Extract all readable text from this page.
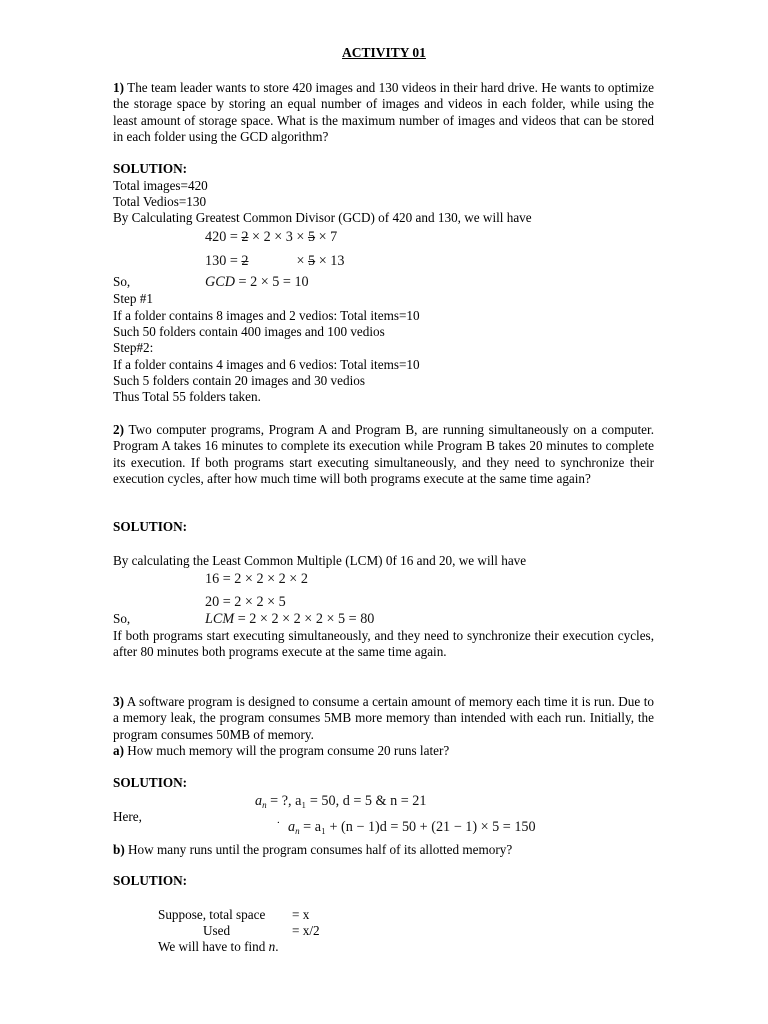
ACTIVITY 01
1) The team leader wants to store 420 images and 130 videos in their hard drive. He wants to optimize the storage space by storing an equal number of images and videos in each folder, while using the least amount of storage space. What is the maximum number of images and videos that can be stored in each folder using the GCD algorithm?
SOLUTION:
Total images=420
Total Vedios=130
By Calculating Greatest Common Divisor (GCD) of 420 and 130, we will have
420 = 2 × 2 × 3 × 5 × 7
130 = 2	× 5 × 13
So,	GCD = 2 × 5 = 10
Step #1
If a folder contains 8 images and 2 vedios: Total items=10
Such 50 folders contain 400 images and 100 vedios
Step#2:
If a folder contains 4 images and 6 vedios: Total items=10
Such 5 folders contain 20 images and 30 vedios
Thus Total 55 folders taken.
2) Two computer programs, Program A and Program B, are running simultaneously on a computer. Program A takes 16 minutes to complete its execution while Program B takes 20 minutes to complete its execution. If both programs start executing simultaneously, and they need to synchronize their execution cycles, after how much time will both programs execute at the same time again?
SOLUTION:
By calculating the Least Common Multiple (LCM) 0f 16 and 20, we will have
16 = 2 × 2 × 2 × 2
20 = 2 × 2 × 5
So,	LCM = 2 × 2 × 2 × 2 × 5 = 80
If both programs start executing simultaneously, and they need to synchronize their execution cycles, after 80 minutes both programs execute at the same time again.
3) A software program is designed to consume a certain amount of memory each time it is run. Due to a memory leak, the program consumes 5MB more memory than intended with each run. Initially, the program consumes 50MB of memory.
a) How much memory will the program consume 20 runs later?
SOLUTION:
$a_n$ = ?, a₁ = 50, d = 5 & n = 21
Here,	. $a_n = a_1 + (n - 1)d = 50 + (21 - 1) \times 5 = 150$
b) How many runs until the program consumes half of its allotted memory?
SOLUTION:
Suppose, total space = x
Used	= x/2
We will have to find n.
